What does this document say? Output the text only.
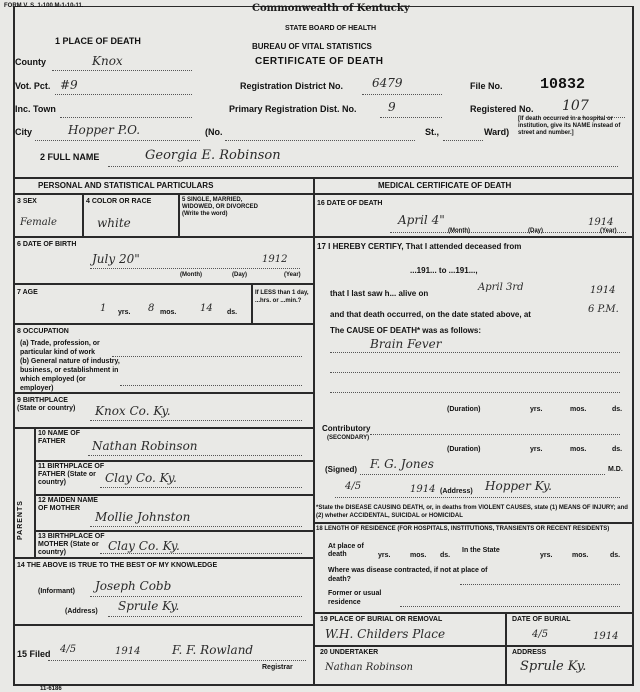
FORM V. S. 1-100 M-1-10-11.	Commonwealth of Kentucky
STATE BOARD OF HEALTH
BUREAU OF VITAL STATISTICS
CERTIFICATE OF DEATH
1 PLACE OF DEATH
County	Knox
Vot. Pct. #9
Inc. Town
City	Hopper P.O.	(No.	St.,	Ward)
[If death occurred in a hospital or institution, give its NAME instead of street and number.]
Registration District No. 6479	File No. 10832
Primary Registration Dist. No.	9	Registered No. 107
2 FULL NAME	Georgia E. Robinson
PERSONAL AND STATISTICAL PARTICULARS	MEDICAL CERTIFICATE OF DEATH
3 SEX
Female
4 COLOR OR RACE
white
5 SINGLE, MARRIED, WIDOWED, OR DIVORCED (Write the word)
6 DATE OF BIRTH
July 20"	1912
(Month)	(Day)	(Year)
7 AGE
1 yrs. 8 mos. 14 ds.
If LESS than 1 day, ...hrs. or ...min.?
8 OCCUPATION
(a) Trade, profession, or particular kind of work
(b) General nature of industry, business, or establishment in which employed (or employer)
9 BIRTHPLACE (State or country)	Knox Co. Ky.
PARENTS
10 NAME OF FATHER	Nathan Robinson
11 BIRTHPLACE OF FATHER (State or country)	Clay Co. Ky.
12 MAIDEN NAME OF MOTHER
Mollie Johnston
13 BIRTHPLACE OF MOTHER (State or country)	Clay Co. Ky.
14 THE ABOVE IS TRUE TO THE BEST OF MY KNOWLEDGE
(Informant) Joseph Cobb
(Address) Sprule Ky.
15 Filed 4/5	1914	F. F. Rowland
Registrar
16 DATE OF DEATH
April 4"	1914
(Month)	(Day)	(Year)
17 I HEREBY CERTIFY, That I attended deceased from
...191... to ...191...,
that I last saw h... alive on
April 3rd	1914
and that death occurred, on the date stated above, at	6 P.M.
The CAUSE OF DEATH* was as follows:
Brain Fever
(Duration)	yrs.	mos.	ds.
Contributory
(SECONDARY)
(Duration)	yrs.	mos.	ds.
(Signed) F. G. Jones	M.D.
4/5	1914 (Address) Hopper Ky.
*State the DISEASE CAUSING DEATH, or, in deaths from VIOLENT CAUSES, state (1) MEANS OF INJURY; and (2) whether ACCIDENTAL, SUICIDAL or HOMICIDAL
18 LENGTH OF RESIDENCE (FOR HOSPITALS, INSTITUTIONS, TRANSIENTS OR RECENT RESIDENTS)
At place of death	yrs.	mos. ds.
In the State
yrs.	mos.	ds.
Where was disease contracted, if not at place of death?
Former or usual residence
19 PLACE OF BURIAL OR REMOVAL
W.H. Childers Place
DATE OF BURIAL
4/5	1914
20 UNDERTAKER
Nathan Robinson
ADDRESS
Sprule Ky.
11-6186
